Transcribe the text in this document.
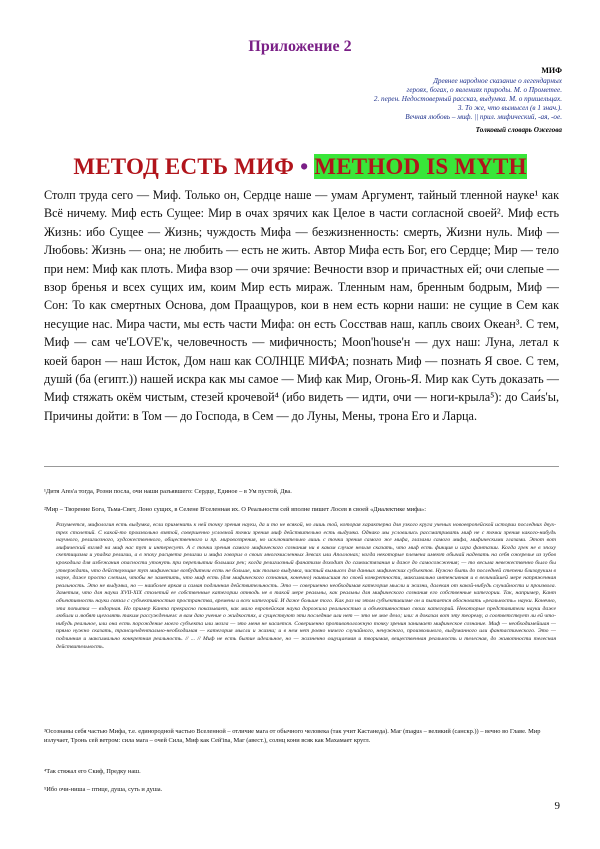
Приложение 2
МИФ
Древнее народное сказание о легендарных
героях, богах, о явлениях природы. М. о Прометее.
2. перен. Недостоверный рассказ, выдумка. М. о пришельцах.
3. То же, что вымысел (в 1 знач.).
Вечная любовь – миф. || прил. мифический, -ая, -ое.
Толковый словарь Ожегова
МЕТОД ЕСТЬ МИФ • METHOD IS MYTH

Столп труда сего — Миф. Только он, Сердце наше — умам Аргумент, тайный тленной науке¹ как Всё ничему. Миф есть Сущее: Мир в очах зрячих как Целое в части согласной своей². Миф есть Жизнь: ибо Сущее — Жизнь; чуждость Мифа — безжизненность: смерть, Жизни нуль. Миф — Любовь: Жизнь — она; не любить — есть не жить. Автор Мифа есть Бог, его Сердце; Мир — тело при нем: Миф как плоть. Мифа взор — очи зрячие: Вечности взор и причастных ей; очи слепые — взор бренья и всех сущих им, коим Мир есть мираж. Тленным нам, бренным бодрым, Миф — Сон: То как смертных Основа, дом Праащуров, кои в нем есть корни наши: не сущие в Сем как несущие нас. Мира части, мы есть части Мифа: он есть Сосствав наш, капль своих Океан³. С тем, Миф — сам че'LOVE'к, человечность — мифичность; Moon'house'н — дух наш: Луна, летал к коей барон — наш Исток, Дом наш как СОЛНЦЕ МИФА; познать Миф — познать Я свое. С тем, душй (ба (египт.)) нашей искра как мы самое — Миф как Мир, Огонь-Я. Мир как Суть доказать — Миф стяжать окём чистым, стезей крочевой⁴ (ибо видеть — идти, очи — ноги-крыла⁵): до Саи́s'ы, Причины дойти: в Том — до Господа, в Сем — до Луны, Мены, трона Его и Ларца.

¹Дитя Ares'а тогда, Розни посла, очи наши разъявшего: Сердце, Единое – в Ум пустой, Два.
²Мир – Творение Бога, Тьма-Свет, Лоно сущих, в Селене В'селенная их. О Реальности сей вполне пишет Лосев в своей «Диалектике мифа»:
Разумеется, мифология есть выдумка, если применить к ней точку зрения науки, да и то не всякой, но лишь той, которая характерна для узкого круга ученых новоевропейской истории последних двух-трех столетий. С какой-то произвольно взятой, совершенно условной точки зрения миф действительно есть выдумка. Однако мы условились рассматривать миф не с точки зрения какого-нибудь научного, религиозного, художественного, общественного и пр. мировоззрения, но исключительно лишь с точки зрения самого же мифа, глазами самого мифа, мифическими глазами. Этот вот мифический взгляд на миф нас тут и интересует. А с точки зрения самого мифического сознания ни в каком случае нельзя сказать, что миф есть фикция и игра фантазии. Когда грек не в эпоху скептицизма и упадка религии, а в эпоху расцвета религии и мифа говорил о своих многочисленных Зевсах или Аполлонах; когда некоторые племена имеют обычай надевать на себя ожерелье из зубов крокодила для избежания опасности утонуть при переплытии больших рек; когда религиозный фанатизм доходит до самоистязания и даже до самосожжения; — то весьма невежественно было бы утверждать, что действующие тут мифические возбудители есть не больше, как только выдумка, чистый вымысел для данных мифических субъектов. Нужно быть до последней степени близоруким в науке, даже просто слепым, чтобы не заметить, что миф есть (для мифического сознания, конечно) наивысшая по своей конкретности, максимально интенсивная и в величайшей мере напряженная реальность. Это не выдумка, но — наиболее яркая и самая подлинная действительность. Это — совершенно необходимая категория мысли и жизни, далекая от какой-нибудь случайности и произвола. Заметим, что для науки XVII-XIX столетий ее собственные категории отнюдь не в такой мере реальны, как реальны для мифического сознания его собственные категории. Так, например, Кант объективность науки связал с субъективностью пространства, времени и всех категорий. И даже больше того. Как раз на этом субъективизме он и пытается обосновать «реальность» науки. Конечно, эта попытка — вздорная. Но пример Канта прекрасно показывает, как мало европейская наука дорожила реальностью и объективностью своих категорий. Некоторые представители науки даже любили и любят щеголять таким рассуждением: я вам даю учение о жидкостях, а существуют эти последние или нет — это не мое дело; или: я доказал вот эту теорему, а соответствует ли ей что-нибудь реальное, или она есть порождение моего субъекта или мозга — это меня не касается. Совершенно противоположную точку зрения занимает мифическое сознание. Миф — необходимейшая — прямо нужно сказать, трансцендентально-необходимая — категория мысли и жизни; и в нем нет ровно ничего случайного, ненужного, произвольного, выдуманного или фантастического. Это — подлинная и максимально конкретная реальность. // ... // Миф не есть бытие идеальное, но — жизненно ощущаемая и творимая, вещественная реальность и телесная, до животности телесная действительность.
³Осознаны себя частью Мифа, т.е. единородной частью Вселенной – отличие мага от обычного человека (так учит Кастанеда). Маг (magus – великий (санскр.)) – вечно во Главе. Мир излучает, Тронь сей ветром: сила мага – очей Сила, Миф как Сей'ina, Маг (авест.), солнц кони всяк как Махамает кругл.
⁴Так стяжал его Скиф, Предку наш.
⁵Ибо очи-ниша – птице, душа, суть и душа.
9
